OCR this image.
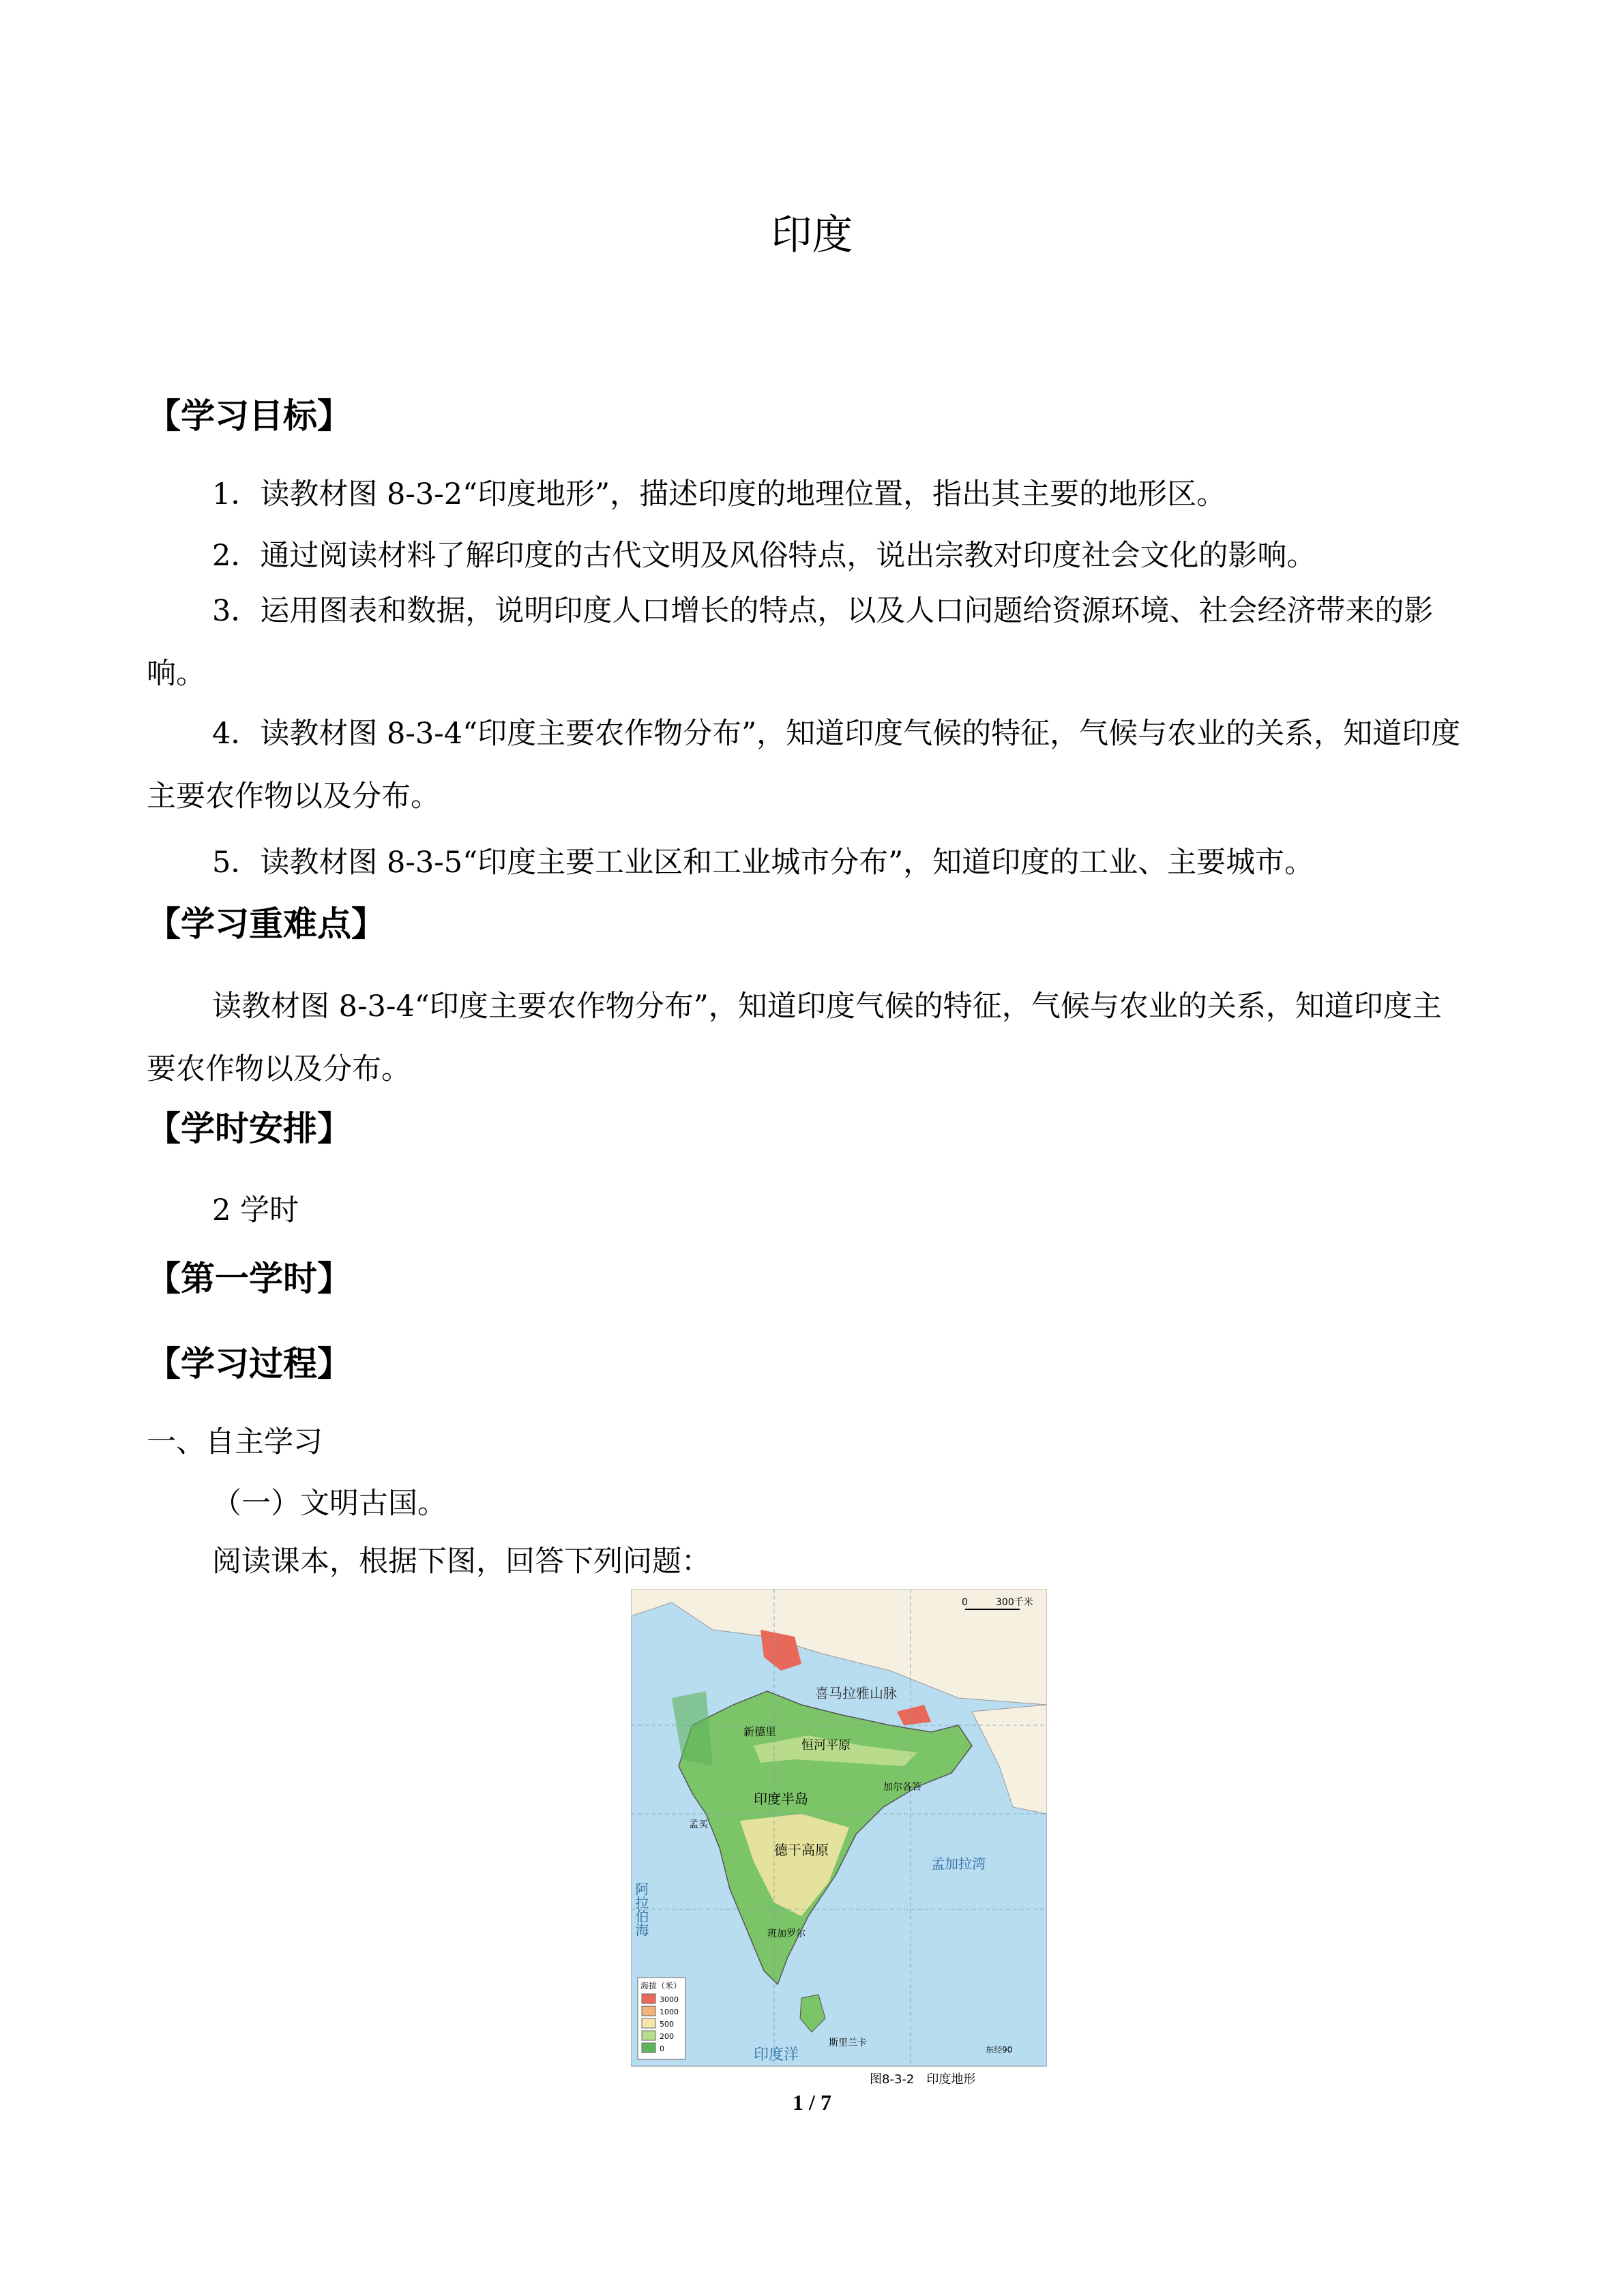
印度
【学习目标】
1．读教材图 8-3-2“印度地形”，描述印度的地理位置，指出其主要的地形区。
2．通过阅读材料了解印度的古代文明及风俗特点，说出宗教对印度社会文化的影响。
3．运用图表和数据，说明印度人口增长的特点，以及人口问题给资源环境、社会经济带来的影响。
4．读教材图 8-3-4“印度主要农作物分布”，知道印度气候的特征，气候与农业的关系，知道印度主要农作物以及分布。
5．读教材图 8-3-5“印度主要工业区和工业城市分布”，知道印度的工业、主要城市。
【学习重难点】
读教材图 8-3-4“印度主要农作物分布”，知道印度气候的特征，气候与农业的关系，知道印度主要农作物以及分布。
【学时安排】
2 学时
【第一学时】
【学习过程】
一、自主学习
（一）文明古国。
阅读课本，根据下图，回答下列问题：
0	300千米
新德里
喜马拉雅山脉
恒河平原
印度半岛
德干高原
加尔各答
孟买
班加罗尔
孟加拉湾
阿拉伯海
印度洋
斯里兰卡
东经90
海拔（米）
3000
1000
500
200
0
图8-3-2　印度地形
1 / 7
